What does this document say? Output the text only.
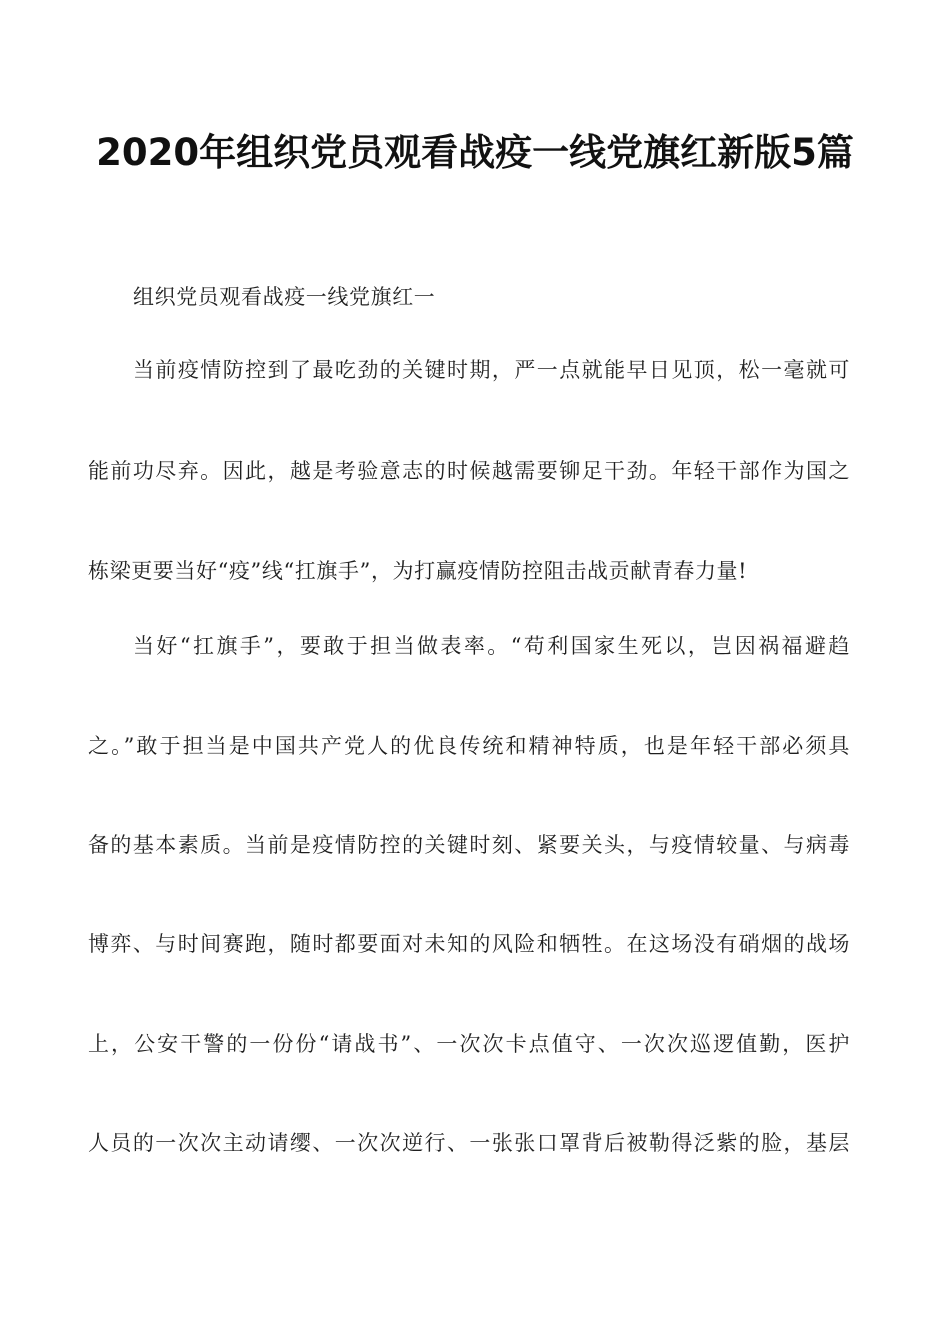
2020年组织党员观看战疫一线党旗红新版5篇
组织党员观看战疫一线党旗红一
当前疫情防控到了最吃劲的关键时期，严一点就能早日见顶，松一毫就可
能前功尽弃。因此，越是考验意志的时候越需要铆足干劲。年轻干部作为国之
栋梁更要当好“疫”线“扛旗手”，为打赢疫情防控阻击战贡献青春力量!
当好“扛旗手”，要敢于担当做表率。“苟利国家生死以，岂因祸福避趋
之。”敢于担当是中国共产党人的优良传统和精神特质，也是年轻干部必须具
备的基本素质。当前是疫情防控的关键时刻、紧要关头，与疫情较量、与病毒
博弈、与时间赛跑，随时都要面对未知的风险和牺牲。在这场没有硝烟的战场
上，公安干警的一份份“请战书”、一次次卡点值守、一次次巡逻值勤，医护
人员的一次次主动请缨、一次次逆行、一张张口罩背后被勒得泛紫的脸，基层
